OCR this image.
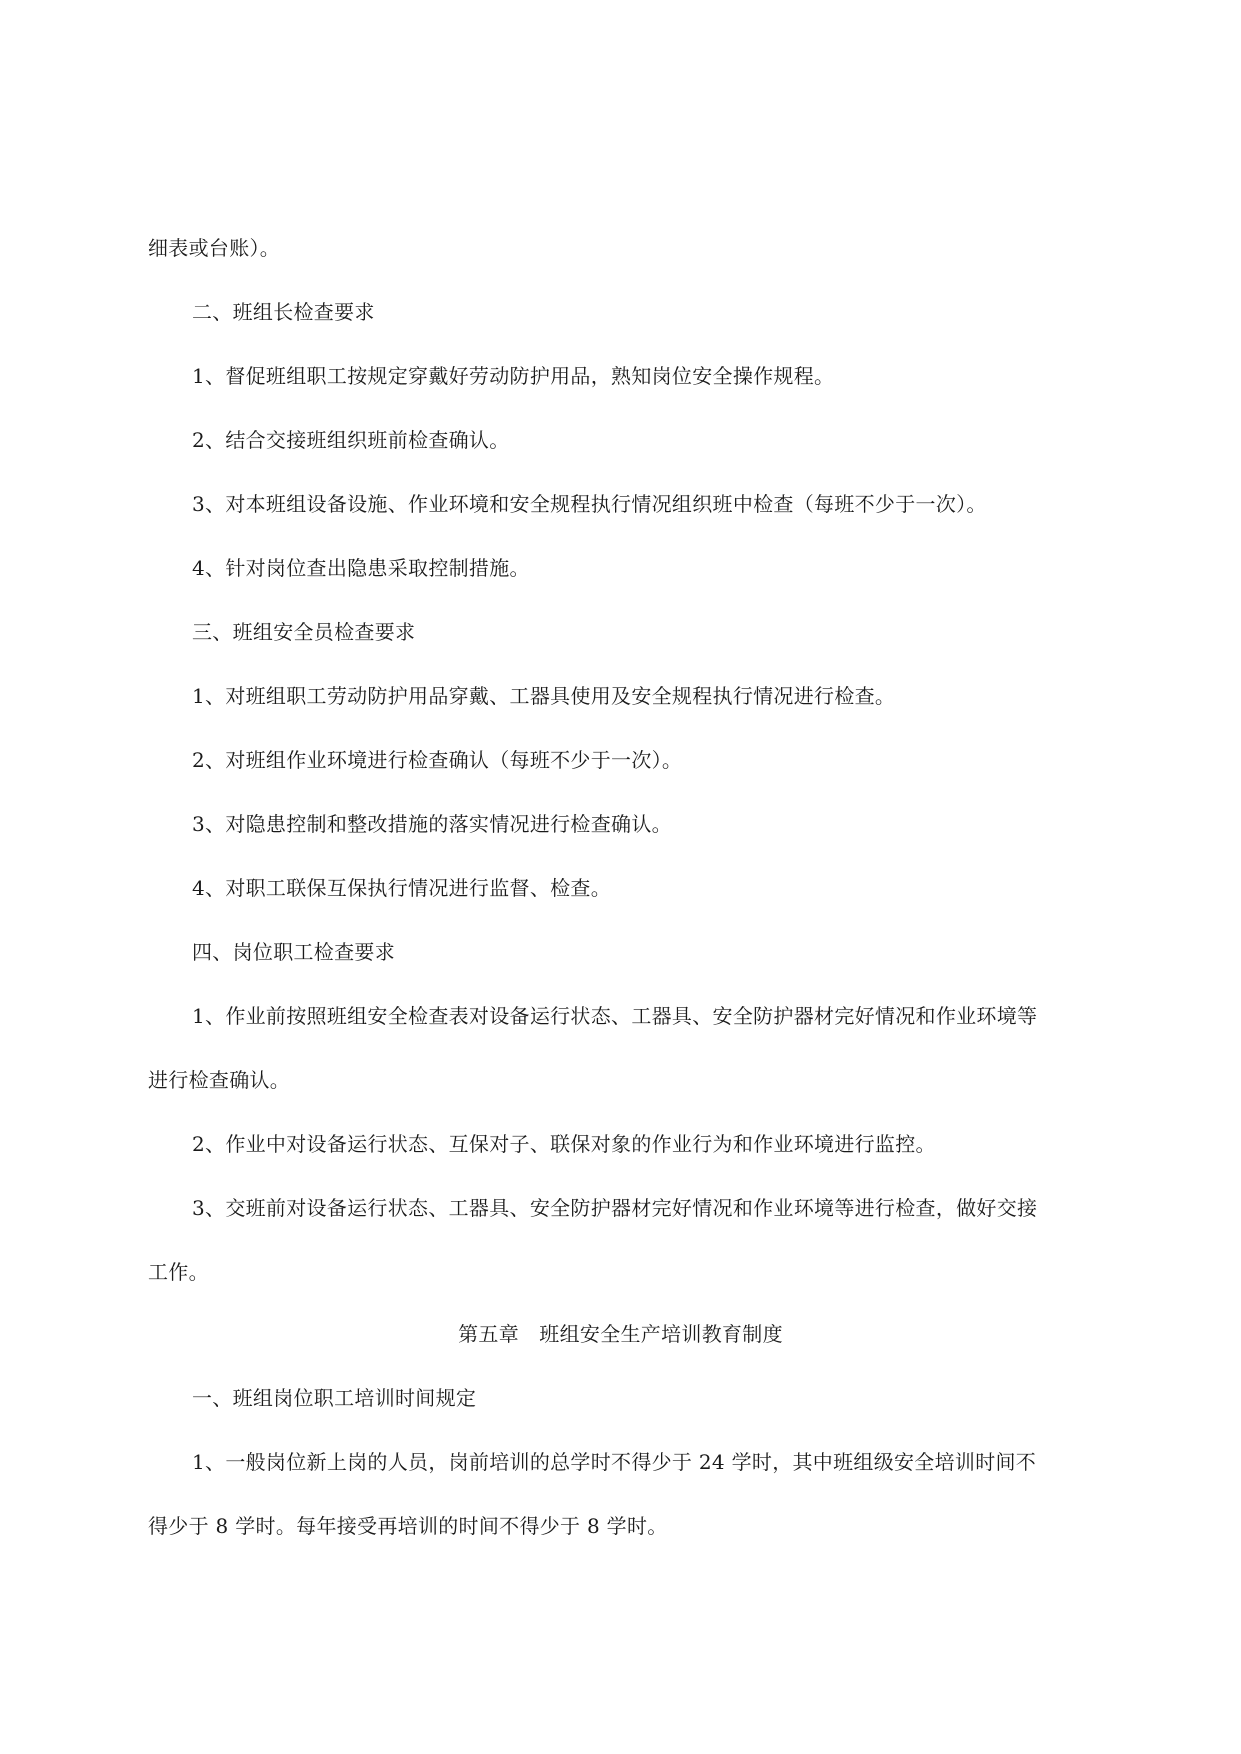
细表或台账）。
二、班组长检查要求
1、督促班组职工按规定穿戴好劳动防护用品，熟知岗位安全操作规程。
2、结合交接班组织班前检查确认。
3、对本班组设备设施、作业环境和安全规程执行情况组织班中检查（每班不少于一次）。
4、针对岗位查出隐患采取控制措施。
三、班组安全员检查要求
1、对班组职工劳动防护用品穿戴、工器具使用及安全规程执行情况进行检查。
2、对班组作业环境进行检查确认（每班不少于一次）。
3、对隐患控制和整改措施的落实情况进行检查确认。
4、对职工联保互保执行情况进行监督、检查。
四、岗位职工检查要求
1、作业前按照班组安全检查表对设备运行状态、工器具、安全防护器材完好情况和作业环境等
进行检查确认。
2、作业中对设备运行状态、互保对子、联保对象的作业行为和作业环境进行监控。
3、交班前对设备运行状态、工器具、安全防护器材完好情况和作业环境等进行检查，做好交接
工作。
第五章　班组安全生产培训教育制度
一、班组岗位职工培训时间规定
1、一般岗位新上岗的人员，岗前培训的总学时不得少于 24 学时，其中班组级安全培训时间不
得少于 8 学时。每年接受再培训的时间不得少于 8 学时。
